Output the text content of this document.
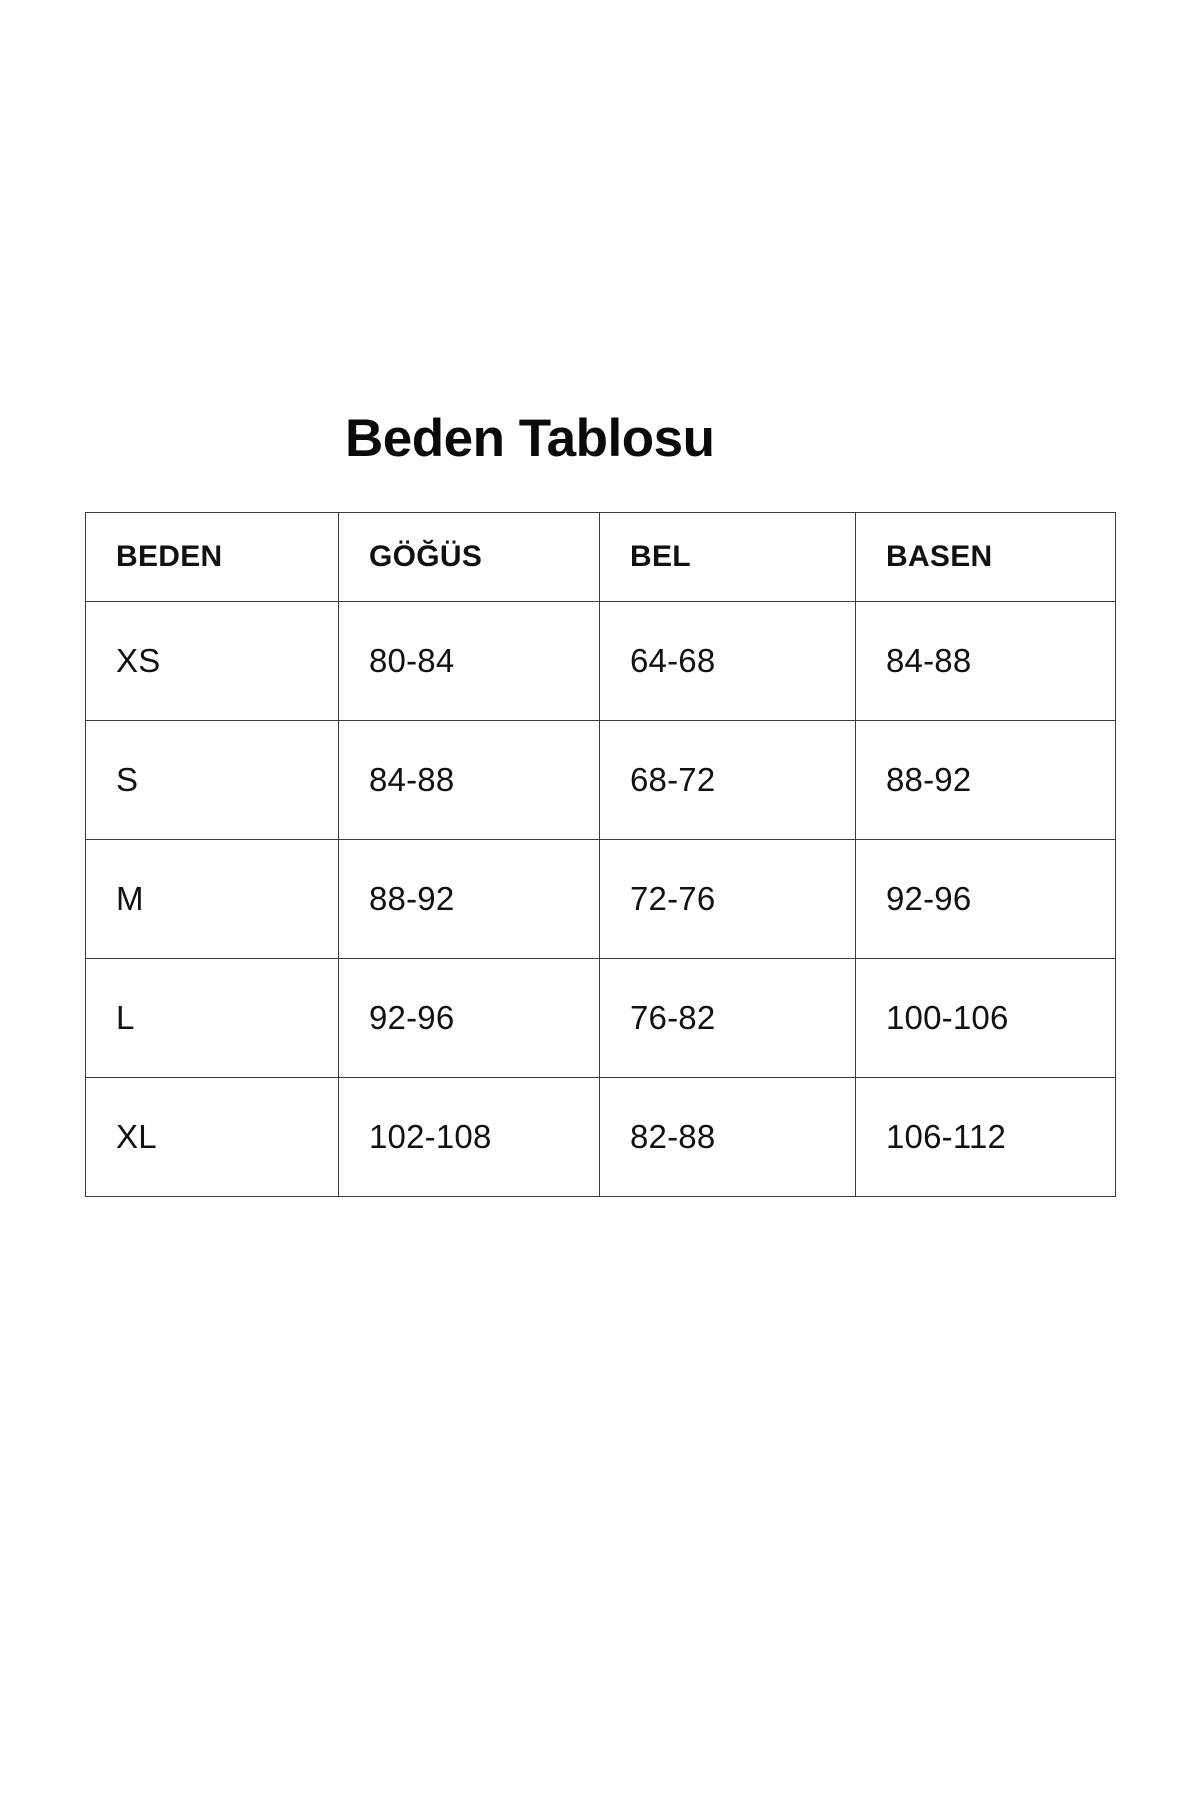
Beden Tablosu
BEDEN	GÖĞÜS	BEL	BASEN
XS	80-84	64-68	84-88
S	84-88	68-72	88-92
M	88-92	72-76	92-96
L	92-96	76-82	100-106
XL	102-108	82-88	106-112
